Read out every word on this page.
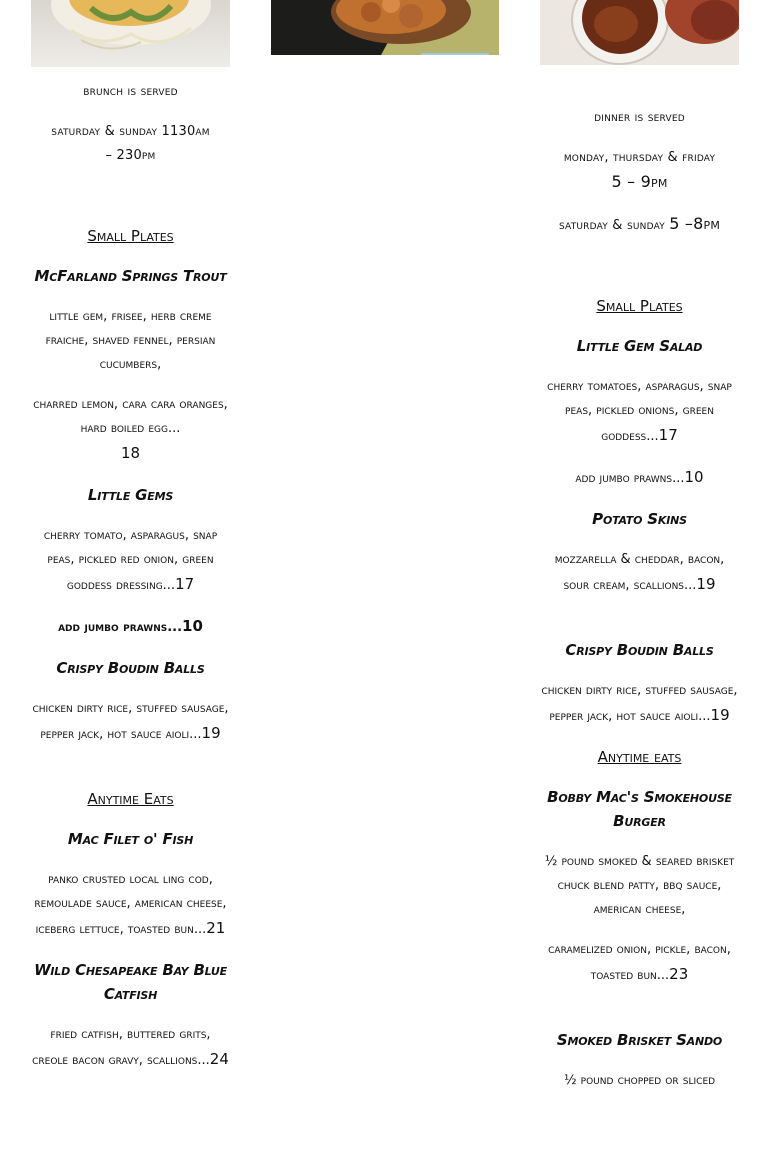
brunch is served

saturday & sunday 1130am
– 230pm

Small Plates

McFarland Springs Trout

little gem, frisee, herb creme fraiche, shaved fennel, persian cucumbers,

charred lemon, cara cara oranges, hard boiled egg...
18

Little Gems

cherry tomato, asparagus, snap peas, pickled red onion, green goddess dressing...17

add jumbo prawns...10

Crispy Boudin Balls

chicken dirty rice, stuffed sausage, pepper jack, hot sauce aioli...19

Anytime Eats

Mac Filet o' Fish

panko crusted local ling cod, remoulade sauce, american cheese, iceberg lettuce, toasted bun...21

Wild Chesapeake Bay Blue Catfish

fried catfish, buttered grits, creole bacon gravy, scallions...24

dinner is served

monday, thursday & friday
5 – 9pm

saturday & sunday 5 –8pm

Small Plates

Little Gem Salad

cherry tomatoes, asparagus, snap peas, pickled onions, green goddess...17

add jumbo prawns...10

Potato Skins

mozzarella & cheddar, bacon, sour cream, scallions...19

Crispy Boudin Balls

chicken dirty rice, stuffed sausage, pepper jack, hot sauce aioli...19

Anytime eats

Bobby Mac's Smokehouse Burger

½ pound smoked & seared brisket chuck blend patty, bbq sauce, american cheese,

caramelized onion, pickle, bacon, toasted bun...23

Smoked Brisket Sando

½ pound chopped or sliced
